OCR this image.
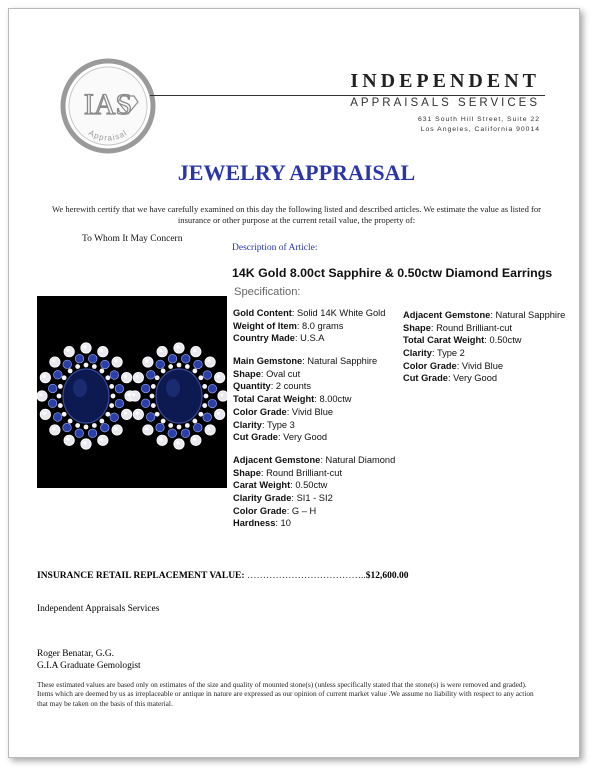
IAS
Appraisal
INDEPENDENT
APPRAISALS SERVICES
631 South Hill Street, Suite 22
Los Angeles, California 90014
JEWELRY APPRAISAL
We herewith certify that we have carefully examined on this day the following listed and described articles. We estimate the value as listed for
insurance or other purpose at the current retail value, the property of:
To Whom It May Concern
Description of Article:
14K Gold 8.00ct Sapphire & 0.50ctw Diamond Earrings
Specification:
Gold Content: Solid 14K White Gold
Weight of Item: 8.0 grams
Country Made: U.S.A
Main Gemstone: Natural Sapphire
Shape: Oval cut
Quantity: 2 counts
Total Carat Weight: 8.00ctw
Color Grade: Vivid Blue
Clarity: Type 3
Cut Grade: Very Good
Adjacent Gemstone: Natural Diamond
Shape: Round Brilliant-cut
Carat Weight: 0.50ctw
Clarity Grade: SI1 - SI2
Color Grade: G – H
Hardness: 10
Adjacent Gemstone: Natural Sapphire
Shape: Round Brilliant-cut
Total Carat Weight: 0.50ctw
Clarity: Type 2
Color Grade: Vivid Blue
Cut Grade: Very Good
INSURANCE RETAIL REPLACEMENT VALUE: ………………………………..$12,600.00
Independent Appraisals Services
Roger Benatar, G.G.
G.I.A Graduate Gemologist
These estimated values are based only on estimates of the size and quality of mounted stone(s) (unless specifically stated that the stone(s) is were removed and graded). Items which are deemed by us as irreplaceable or antique in nature are expressed as our opinion of current market value .We assume no liability with respect to any action that may be taken on the basis of this material.
